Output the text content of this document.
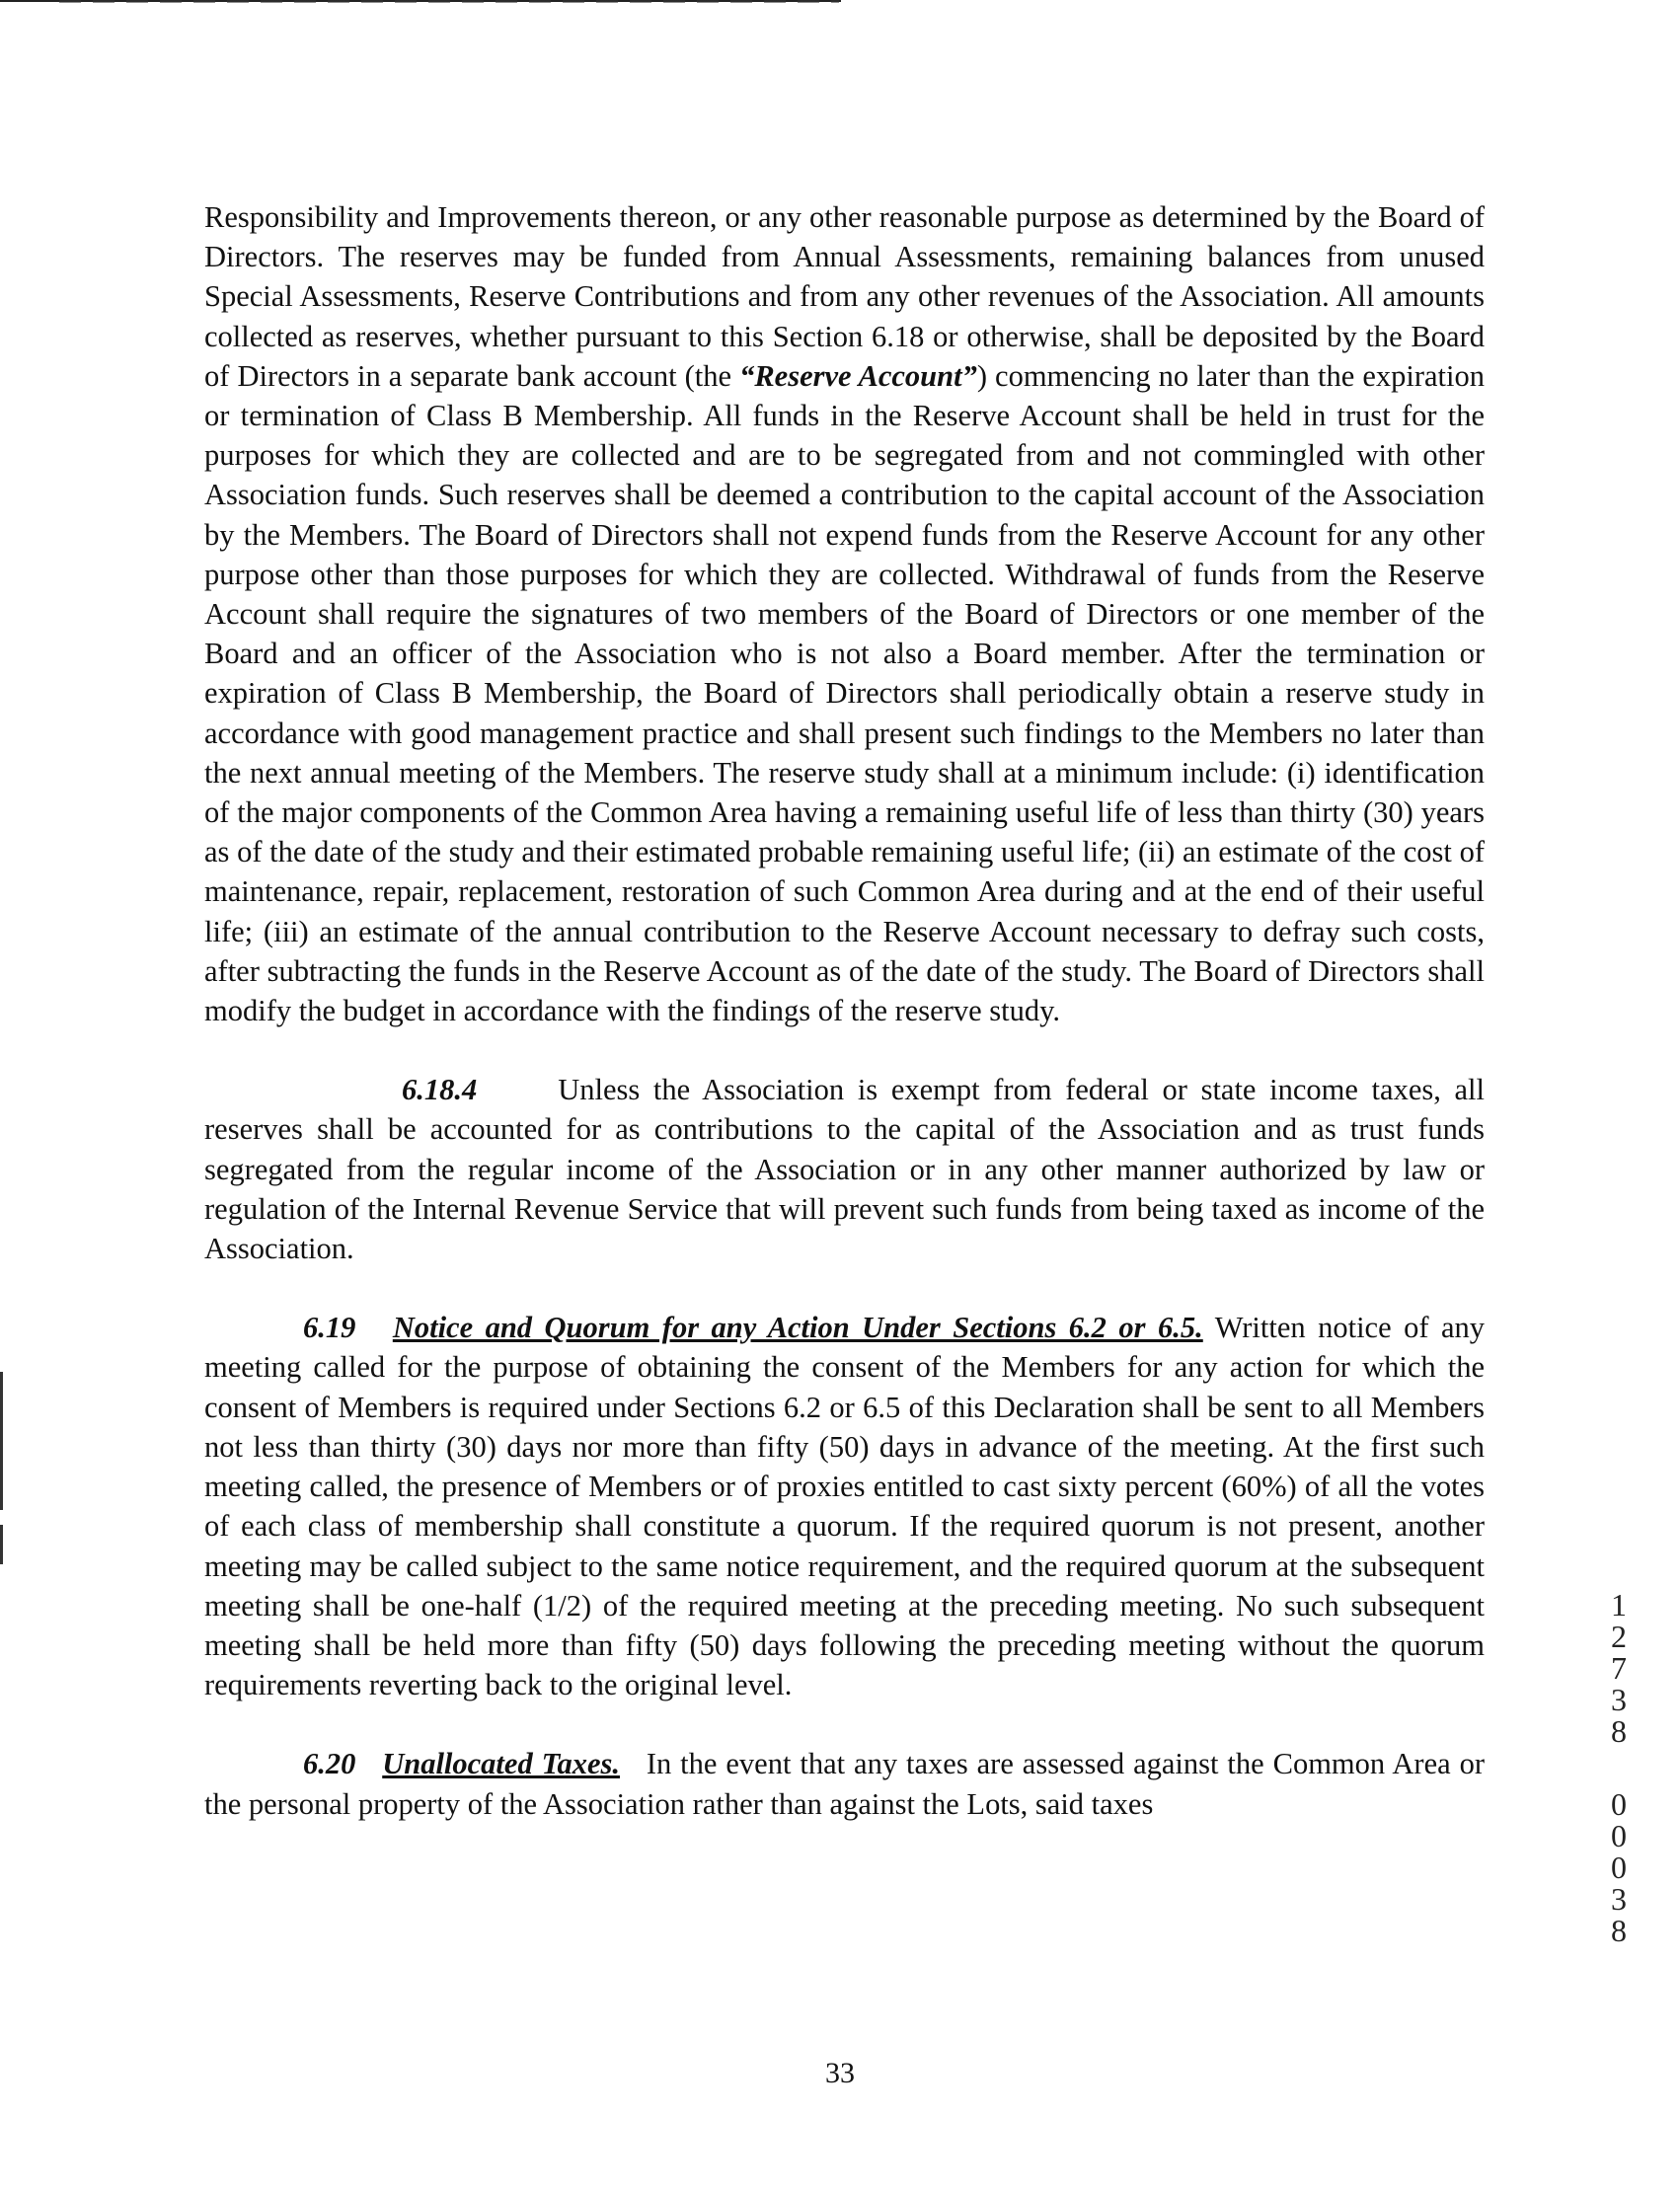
Responsibility and Improvements thereon, or any other reasonable purpose as determined by the Board of Directors. The reserves may be funded from Annual Assessments, remaining balances from unused Special Assessments, Reserve Contributions and from any other revenues of the Association. All amounts collected as reserves, whether pursuant to this Section 6.18 or otherwise, shall be deposited by the Board of Directors in a separate bank account (the “Reserve Account”) commencing no later than the expiration or termination of Class B Membership. All funds in the Reserve Account shall be held in trust for the purposes for which they are collected and are to be segregated from and not commingled with other Association funds. Such reserves shall be deemed a contribution to the capital account of the Association by the Members. The Board of Directors shall not expend funds from the Reserve Account for any other purpose other than those purposes for which they are collected. Withdrawal of funds from the Reserve Account shall require the signatures of two members of the Board of Directors or one member of the Board and an officer of the Association who is not also a Board member. After the termination or expiration of Class B Membership, the Board of Directors shall periodically obtain a reserve study in accordance with good management practice and shall present such findings to the Members no later than the next annual meeting of the Members. The reserve study shall at a minimum include: (i) identification of the major components of the Common Area having a remaining useful life of less than thirty (30) years as of the date of the study and their estimated probable remaining useful life; (ii) an estimate of the cost of maintenance, repair, replacement, restoration of such Common Area during and at the end of their useful life; (iii) an estimate of the annual contribution to the Reserve Account necessary to defray such costs, after subtracting the funds in the Reserve Account as of the date of the study. The Board of Directors shall modify the budget in accordance with the findings of the reserve study.

6.18.4	Unless the Association is exempt from federal or state income taxes, all reserves shall be accounted for as contributions to the capital of the Association and as trust funds segregated from the regular income of the Association or in any other manner authorized by law or regulation of the Internal Revenue Service that will prevent such funds from being taxed as income of the Association.

6.19 Notice and Quorum for any Action Under Sections 6.2 or 6.5. Written notice of any meeting called for the purpose of obtaining the consent of the Members for any action for which the consent of Members is required under Sections 6.2 or 6.5 of this Declaration shall be sent to all Members not less than thirty (30) days nor more than fifty (50) days in advance of the meeting. At the first such meeting called, the presence of Members or of proxies entitled to cast sixty percent (60%) of all the votes of each class of membership shall constitute a quorum. If the required quorum is not present, another meeting may be called subject to the same notice requirement, and the required quorum at the subsequent meeting shall be one-half (1/2) of the required meeting at the preceding meeting. No such subsequent meeting shall be held more than fifty (50) days following the preceding meeting without the quorum requirements reverting back to the original level.

6.20 Unallocated Taxes. In the event that any taxes are assessed against the Common Area or the personal property of the Association rather than against the Lots, said taxes

1
2
7
3
8
0
0
0
3
8
33
